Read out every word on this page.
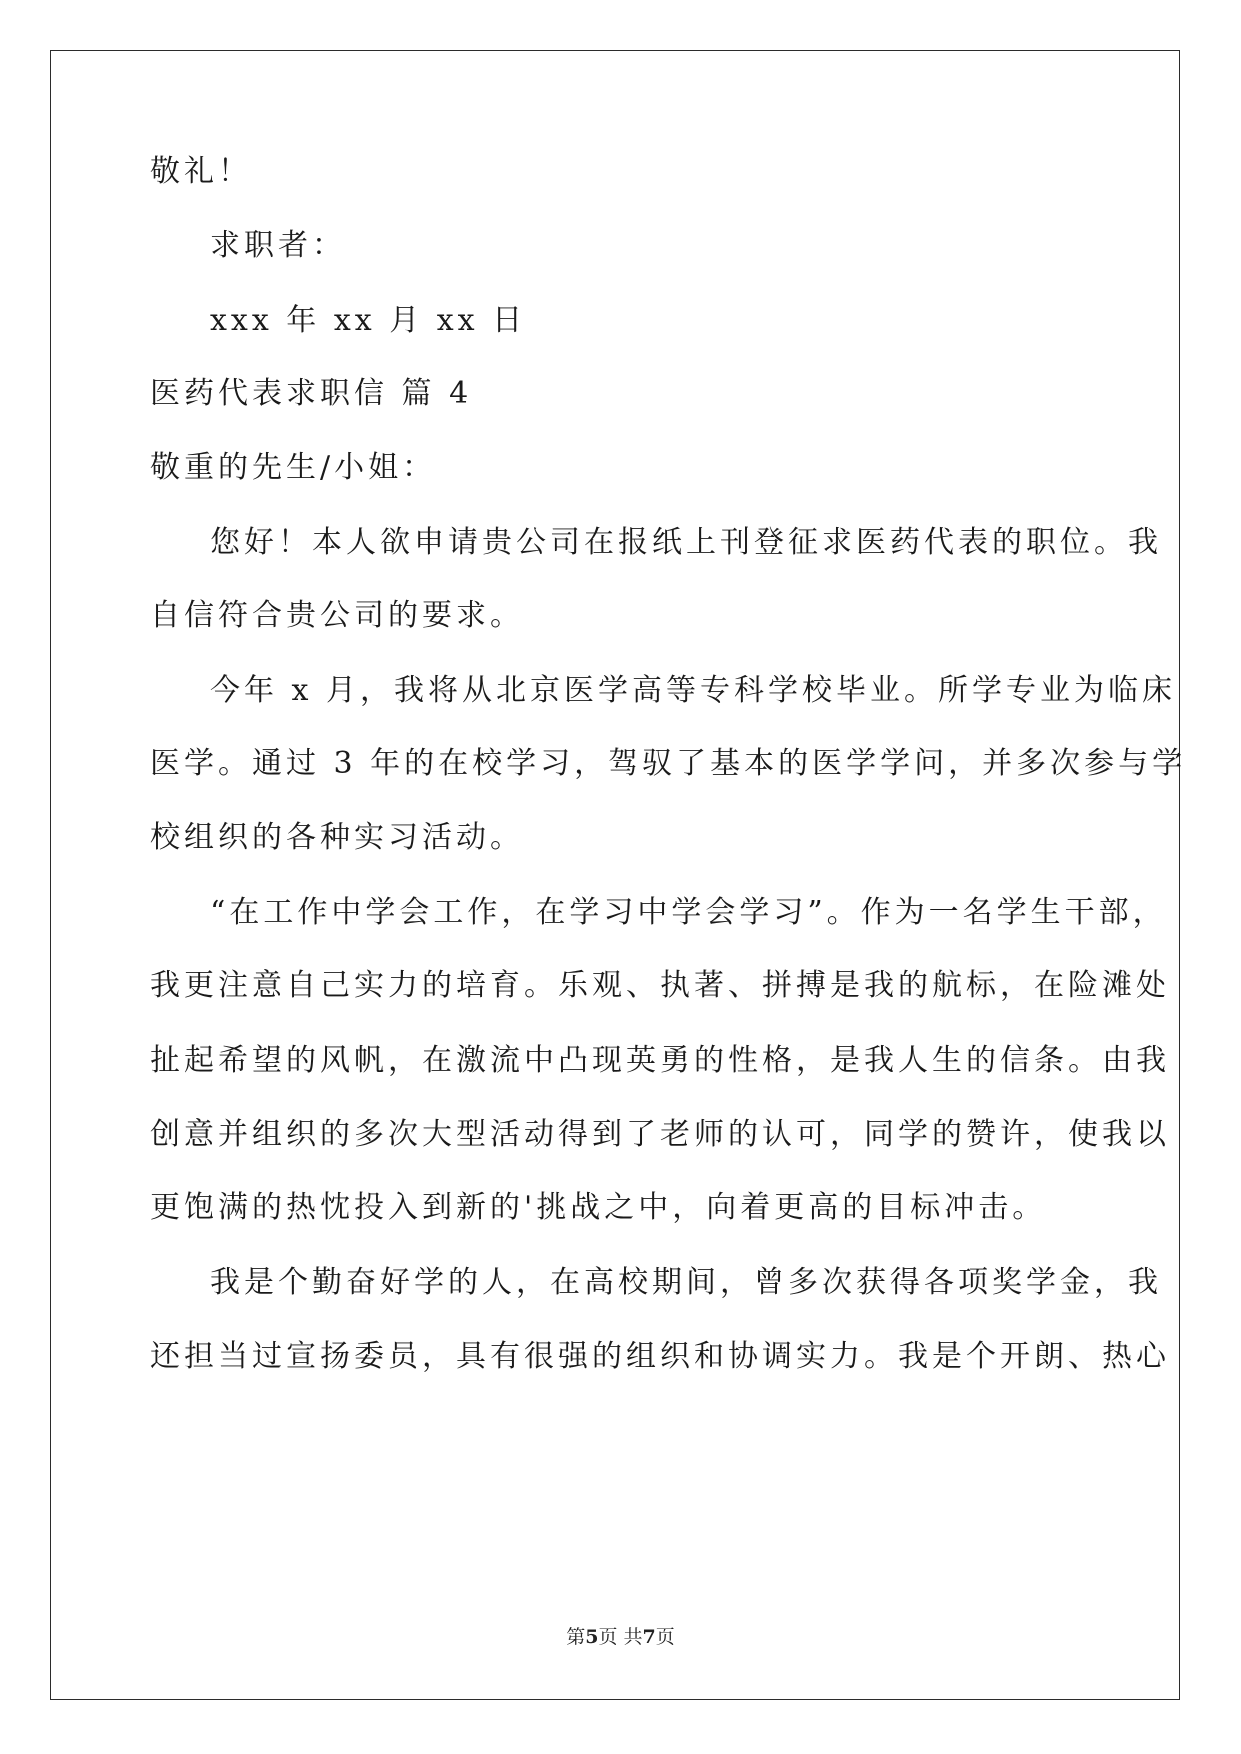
敬礼！
求职者：
xxx 年 xx 月 xx 日
医药代表求职信 篇 4
敬重的先生/小姐：
您好！本人欲申请贵公司在报纸上刊登征求医药代表的职位。我
自信符合贵公司的要求。
今年 x 月，我将从北京医学高等专科学校毕业。所学专业为临床
医学。通过 3 年的在校学习，驾驭了基本的医学学问，并多次参与学
校组织的各种实习活动。
“在工作中学会工作，在学习中学会学习”。作为一名学生干部，
我更注意自己实力的培育。乐观、执著、拼搏是我的航标，在险滩处
扯起希望的风帆，在激流中凸现英勇的性格，是我人生的信条。由我
创意并组织的多次大型活动得到了老师的认可，同学的赞许，使我以
更饱满的热忱投入到新的'挑战之中，向着更高的目标冲击。
我是个勤奋好学的人，在高校期间，曾多次获得各项奖学金，我
还担当过宣扬委员，具有很强的组织和协调实力。我是个开朗、热心
第5页 共7页
